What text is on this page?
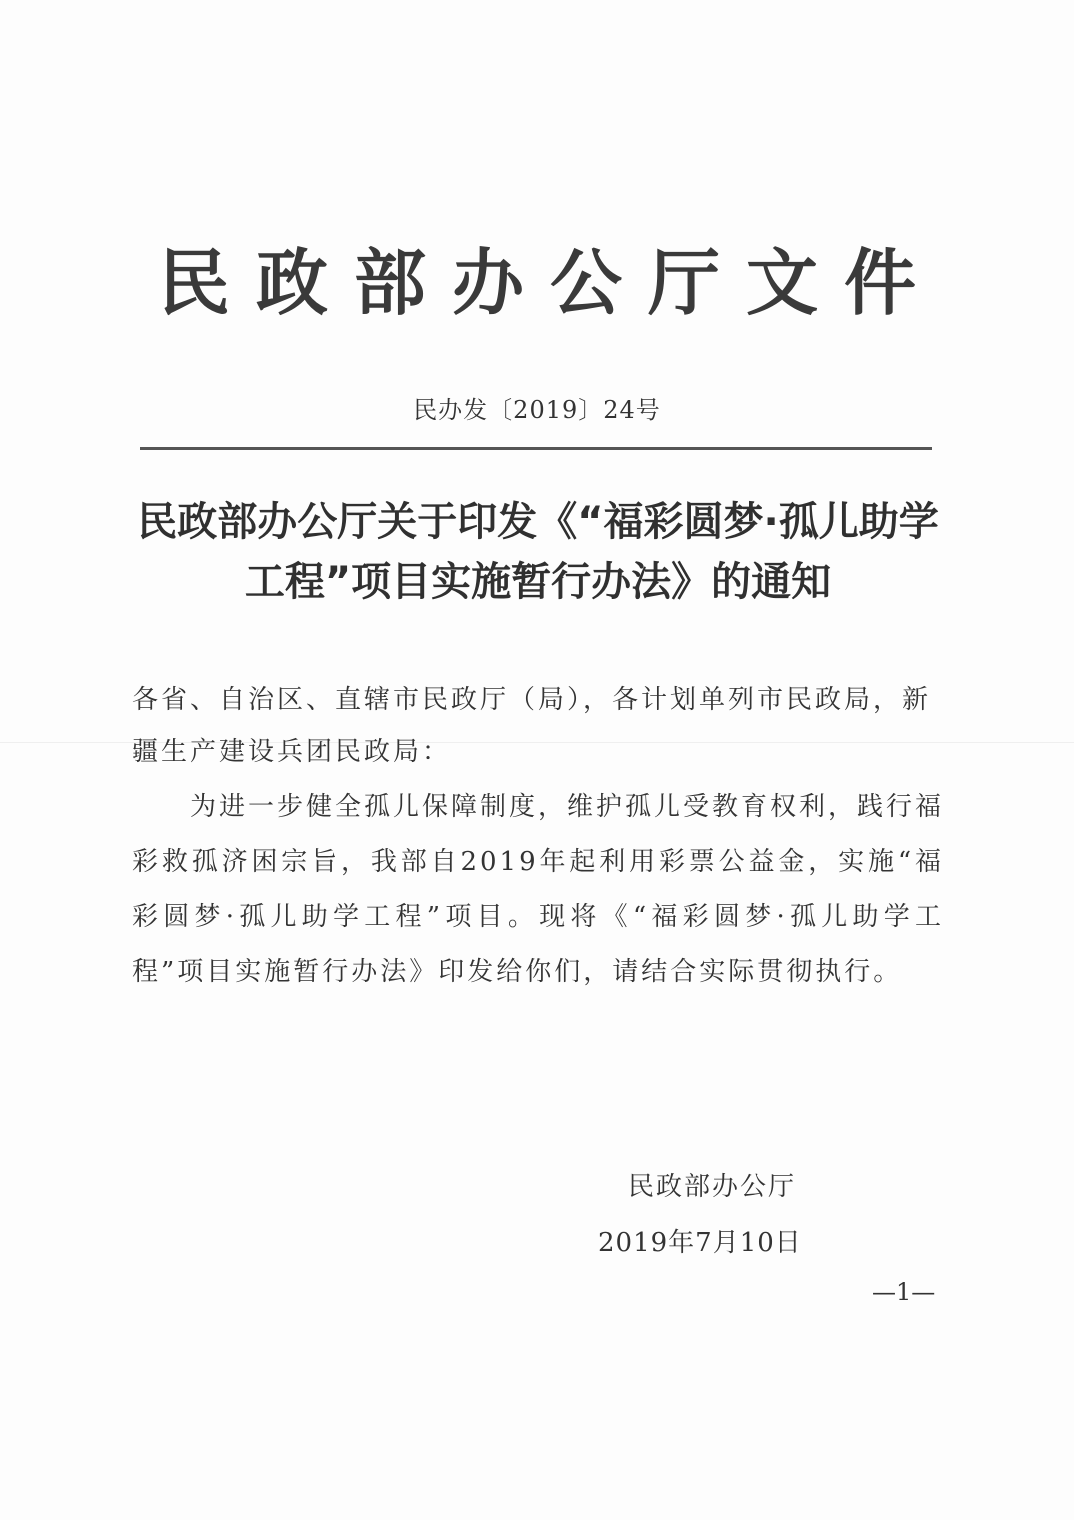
民政部办公厅文件
民办发〔2019〕24号
民政部办公厅关于印发《“福彩圆梦·孤儿助学
工程”项目实施暂行办法》的通知
各省、自治区、直辖市民政厅（局），各计划单列市民政局，新疆生产建设兵团民政局：
为进一步健全孤儿保障制度，维护孤儿受教育权利，践行福彩救孤济困宗旨，我部自2019年起利用彩票公益金，实施“福彩圆梦·孤儿助学工程”项目。现将《“福彩圆梦·孤儿助学工程”项目实施暂行办法》印发给你们，请结合实际贯彻执行。
民政部办公厅
2019年7月10日
—1—
